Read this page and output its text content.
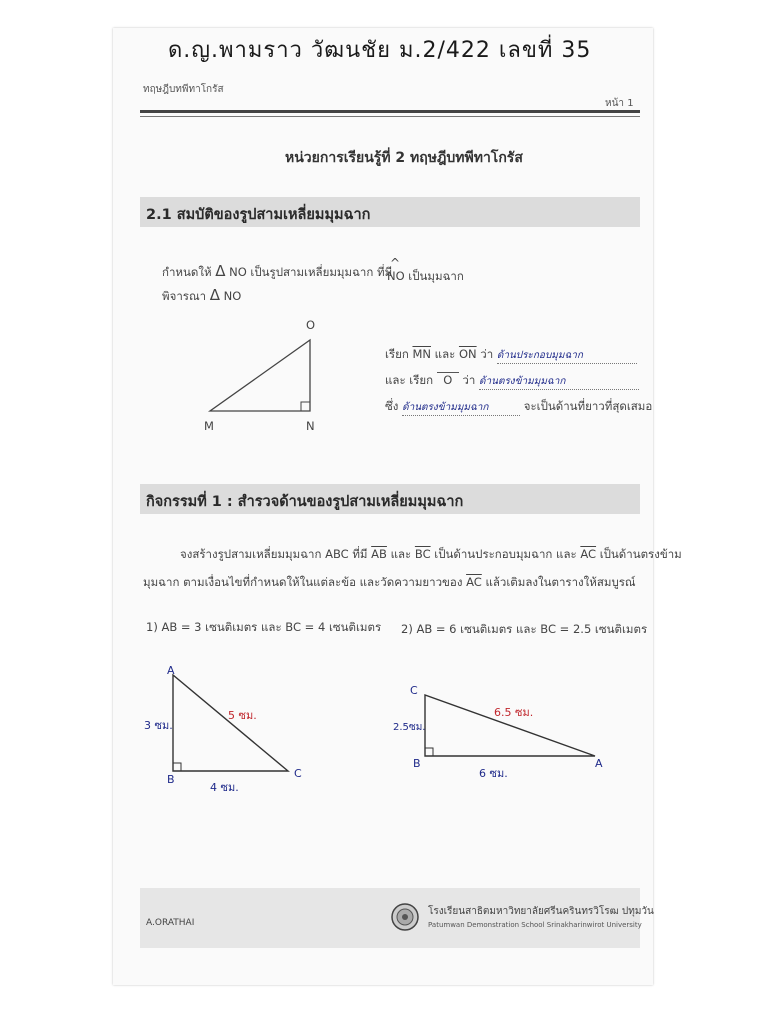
ด.ญ.พามราว วัฒนชัย ม.2/422 เลขที่ 35
ทฤษฎีบทพีทาโกรัส
หน้า 1
หน่วยการเรียนรู้ที่ 2 ทฤษฎีบทพีทาโกรัส
2.1 สมบัติของรูปสามเหลี่ยมมุมฉาก
กำหนดให้ Δ NO เป็นรูปสามเหลี่ยมมุมฉาก ที่มี
^
NO เป็นมุมฉาก
พิจารณา Δ NO
O
M	N
เรียก $\overline{MN}$ และ $\overline{ON}$ ว่า ด้านประกอบมุมฉาก
และ เรียก O ว่า ด้านตรงข้ามมุมฉาก
ซึ่ง ด้านตรงข้ามมุมฉาก	จะเป็นด้านที่ยาวที่สุดเสมอ
กิจกรรมที่ 1 : สำรวจด้านของรูปสามเหลี่ยมมุมฉาก
จงสร้างรูปสามเหลี่ยมมุมฉาก ABC ที่มี $\overline{AB}$ และ $\overline{BC}$ เป็นด้านประกอบมุมฉาก และ $\overline{AC}$ เป็นด้านตรงข้าม
มุมฉาก ตามเงื่อนไขที่กำหนดให้ในแต่ละข้อ และวัดความยาวของ $\overline{AC}$ แล้วเติมลงในตารางให้สมบูรณ์
1) AB = 3 เซนติเมตร และ BC = 4 เซนติเมตร 2) AB = 6 เซนติเมตร และ BC = 2.5 เซนติเมตร
A
B	C
3 ซม.
4 ซม.
5 ซม.
C
B	A
2.5ซม.
6 ซม.
6.5 ซม.
A.ORATHAI
โรงเรียนสาธิตมหาวิทยาลัยศรีนครินทรวิโรฒ ปทุมวัน
Patumwan Demonstration School Srinakharinwirot University
